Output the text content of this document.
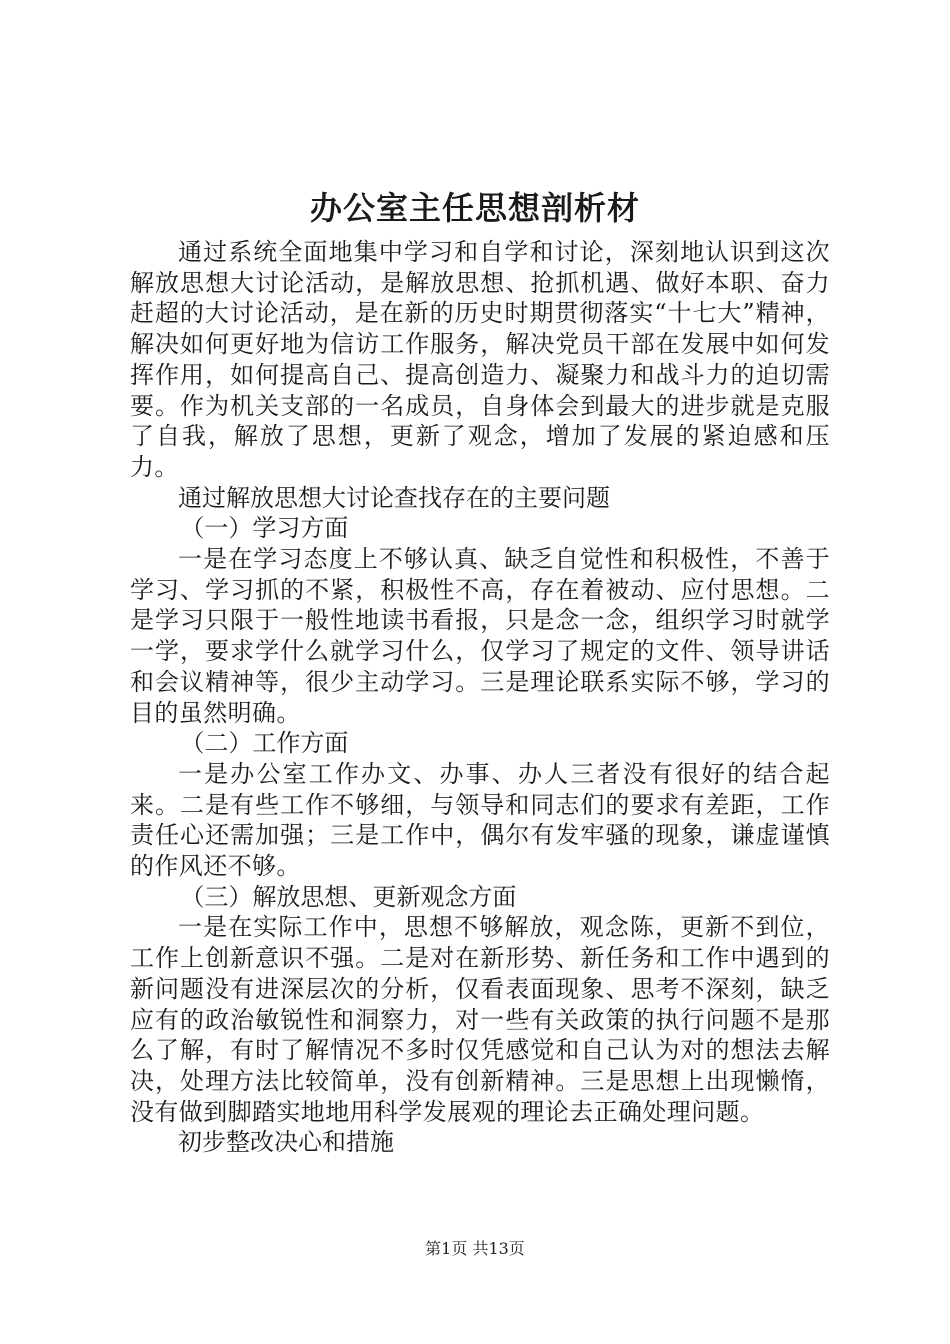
办公室主任思想剖析材

通过系统全面地集中学习和自学和讨论，深刻地认识到这次解放思想大讨论活动，是解放思想、抢抓机遇、做好本职、奋力赶超的大讨论活动，是在新的历史时期贯彻落实“十七大”精神，解决如何更好地为信访工作服务，解决党员干部在发展中如何发挥作用，如何提高自己、提高创造力、凝聚力和战斗力的迫切需要。作为机关支部的一名成员，自身体会到最大的进步就是克服了自我，解放了思想，更新了观念，增加了发展的紧迫感和压力。

通过解放思想大讨论查找存在的主要问题

（一）学习方面

一是在学习态度上不够认真、缺乏自觉性和积极性，不善于学习、学习抓的不紧，积极性不高，存在着被动、应付思想。二是学习只限于一般性地读书看报，只是念一念，组织学习时就学一学，要求学什么就学习什么，仅学习了规定的文件、领导讲话和会议精神等，很少主动学习。三是理论联系实际不够，学习的目的虽然明确。

（二）工作方面

一是办公室工作办文、办事、办人三者没有很好的结合起来。二是有些工作不够细，与领导和同志们的要求有差距，工作责任心还需加强；三是工作中，偶尔有发牢骚的现象，谦虚谨慎的作风还不够。

（三）解放思想、更新观念方面

一是在实际工作中，思想不够解放，观念陈，更新不到位，工作上创新意识不强。二是对在新形势、新任务和工作中遇到的新问题没有进深层次的分析，仅看表面现象、思考不深刻，缺乏应有的政治敏锐性和洞察力，对一些有关政策的执行问题不是那么了解，有时了解情况不多时仅凭感觉和自己认为对的想法去解决，处理方法比较简单，没有创新精神。三是思想上出现懒惰，没有做到脚踏实地地用科学发展观的理论去正确处理问题。

初步整改决心和措施

第1页 共13页
